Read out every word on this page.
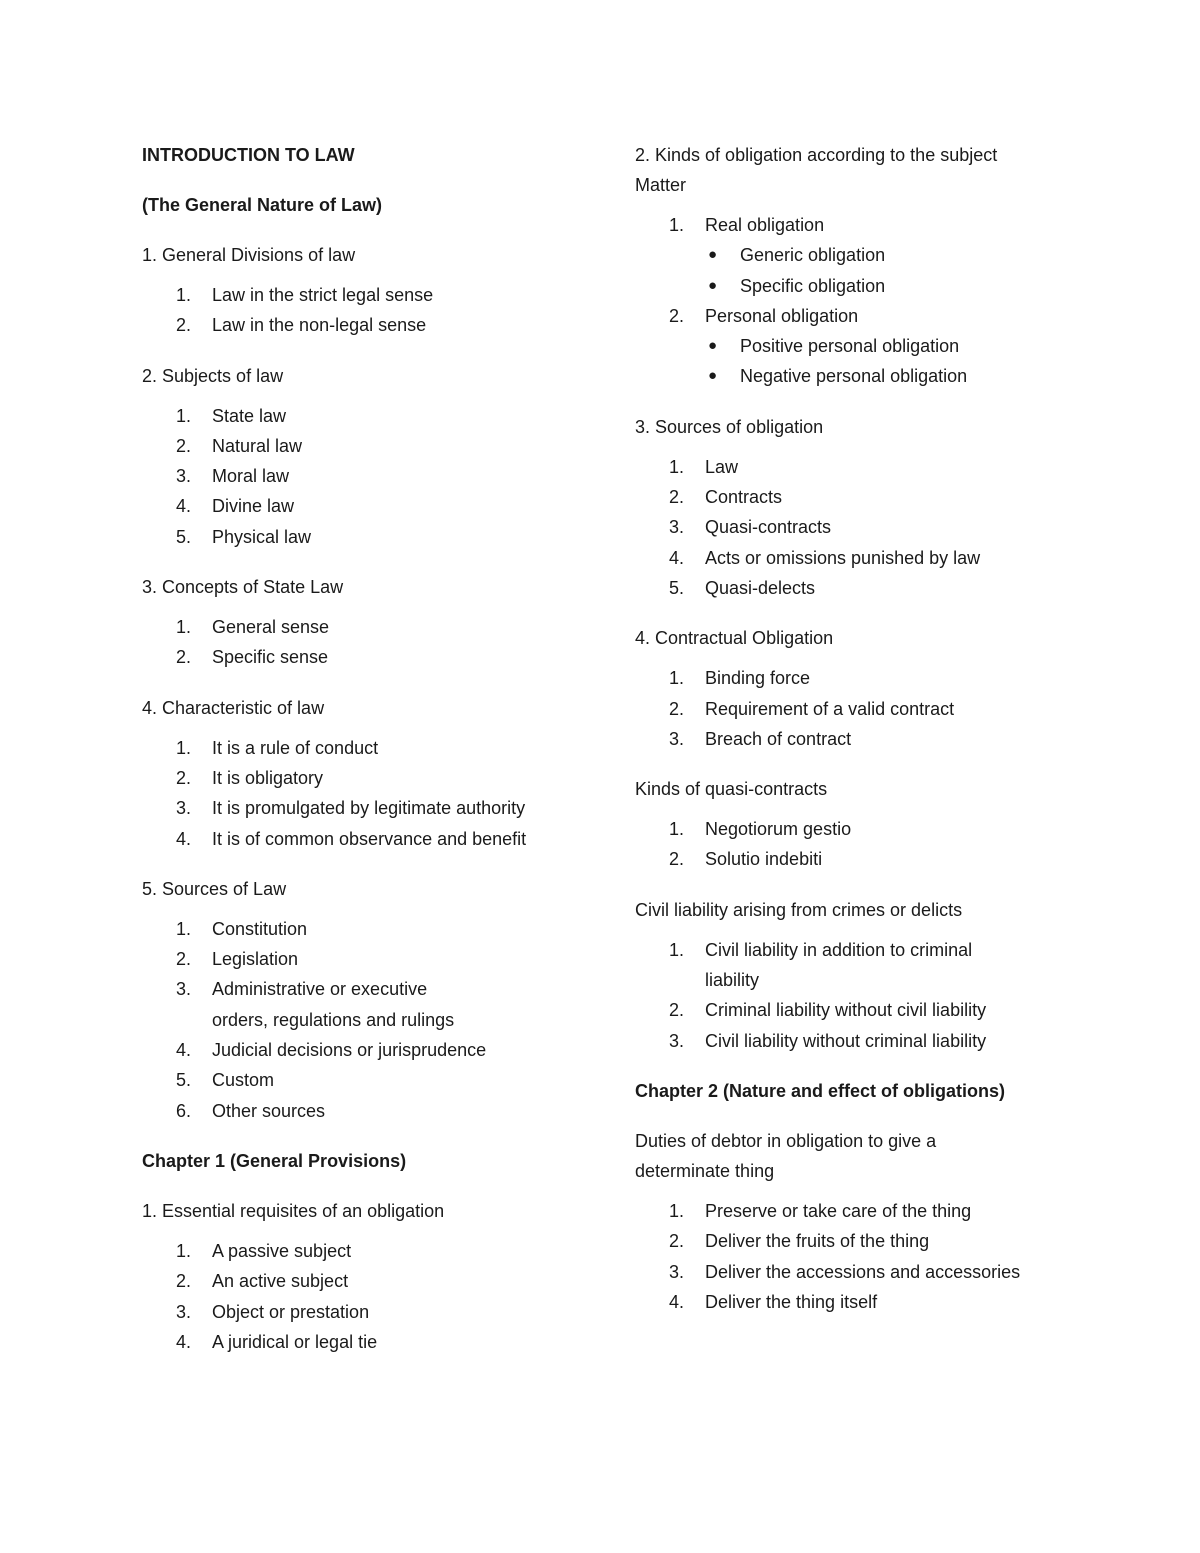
INTRODUCTION TO LAW

(The General Nature of Law)

1. General Divisions of law

1. Law in the strict legal sense
2. Law in the non-legal sense

2. Subjects of law

1. State law
2. Natural law
3. Moral law
4. Divine law
5. Physical law

3. Concepts of State Law

1. General sense
2. Specific sense

4. Characteristic of law

1. It is a rule of conduct
2. It is obligatory
3. It is promulgated by legitimate authority
4. It is of common observance and benefit

5. Sources of Law

1. Constitution
2. Legislation
3. Administrative or executive orders, regulations and rulings
4. Judicial decisions or jurisprudence
5. Custom
6. Other sources

Chapter 1 (General Provisions)

1. Essential requisites of an obligation

1. A passive subject
2. An active subject
3. Object or prestation
4. A juridical or legal tie

2. Kinds of obligation according to the subject Matter

1. Real obligation
● Generic obligation
● Specific obligation
2. Personal obligation
● Positive personal obligation
● Negative personal obligation

3. Sources of obligation

1. Law
2. Contracts
3. Quasi-contracts
4. Acts or omissions punished by law
5. Quasi-delects

4. Contractual Obligation

1. Binding force
2. Requirement of a valid contract
3. Breach of contract

Kinds of quasi-contracts

1. Negotiorum gestio
2. Solutio indebiti

Civil liability arising from crimes or delicts

1. Civil liability in addition to criminal liability
2. Criminal liability without civil liability
3. Civil liability without criminal liability

Chapter 2 (Nature and effect of obligations)

Duties of debtor in obligation to give a determinate thing

1. Preserve or take care of the thing
2. Deliver the fruits of the thing
3. Deliver the accessions and accessories
4. Deliver the thing itself
